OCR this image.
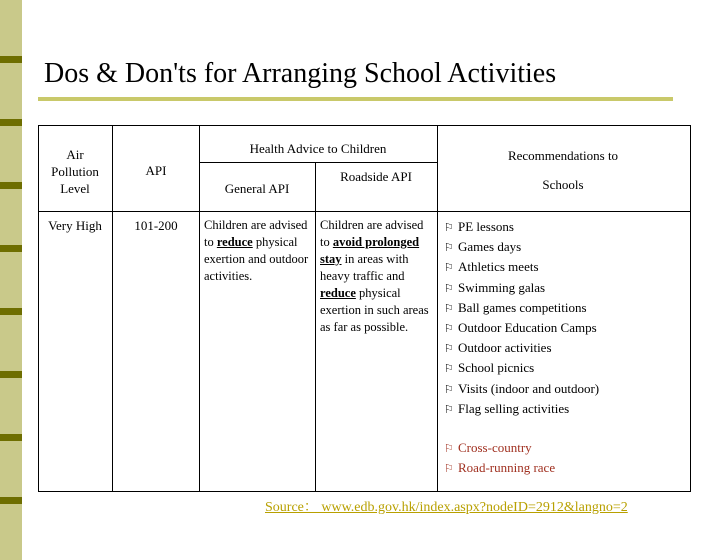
Dos & Don'ts for Arranging School Activities
Air
Pollution
Level
API
Health Advice to Children
General API
Roadside API
Recommendations to
Schools
Very High	101-200	Children are advised to reduce physical exertion and outdoor activities.
Children are advised to avoid prolonged stay in areas with heavy traffic and reduce physical exertion in such areas as far as possible.
⚐ PE lessons
⚐ Games days
⚐ Athletics meets
⚐ Swimming galas
⚐ Ball games competitions
⚐ Outdoor Education Camps
⚐ Outdoor activities
⚐ School picnics
⚐ Visits (indoor and outdoor)
⚐ Flag selling activities
⚐ Cross-country
⚐ Road-running race
Source： www.edb.gov.hk/index.aspx?nodeID=2912&langno=2
